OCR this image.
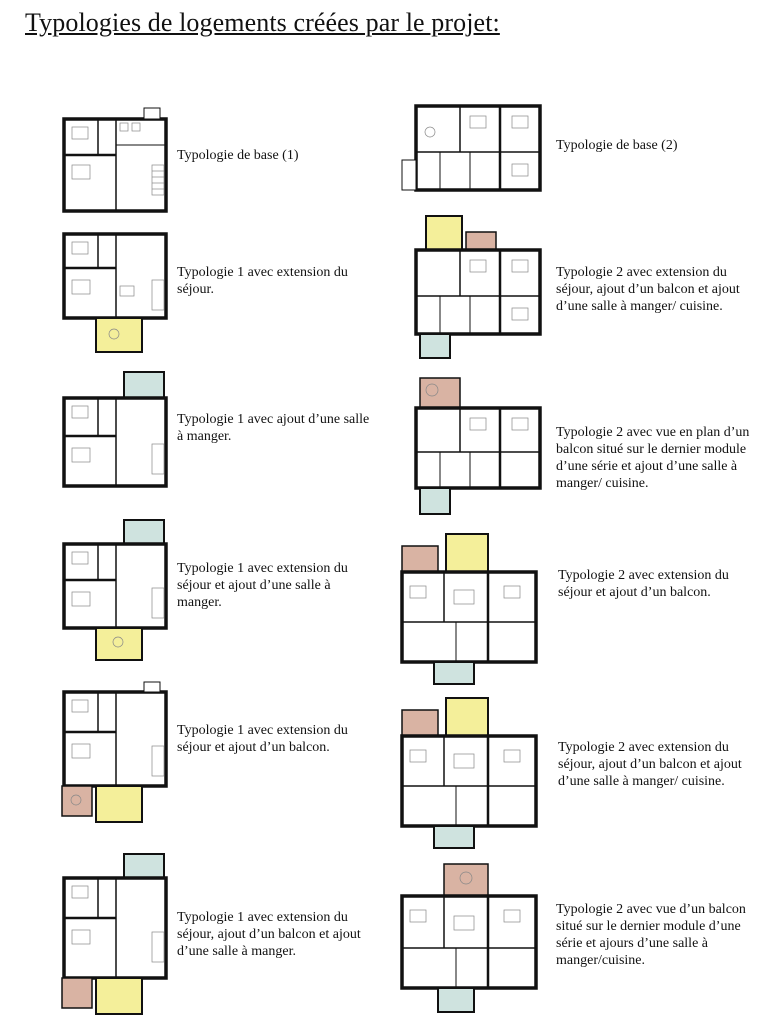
Typologies de logements créées par le projet:
Typologie de base (1)
Typologie 1 avec extension du séjour.
Typologie 1 avec ajout d’une salle à manger.
Typologie 1 avec extension du séjour et ajout d’une salle à manger.
Typologie 1 avec extension du séjour et ajout d’un balcon.
Typologie 1 avec extension du séjour, ajout d’un balcon et ajout d’une salle à manger.
Typologie de base (2)
Typologie 2 avec extension du séjour, ajout d’un balcon et ajout d’une salle à manger/ cuisine.
Typologie 2 avec vue en plan d’un balcon situé sur le dernier module d’une série et ajout d’une salle à manger/ cuisine.
Typologie 2 avec extension du séjour et ajout d’un balcon.
Typologie 2 avec extension du séjour, ajout d’un balcon et ajout d’une salle à manger/ cuisine.
Typologie 2 avec vue d’un balcon situé sur le dernier module d’une série et ajours d’une salle à manger/cuisine.
